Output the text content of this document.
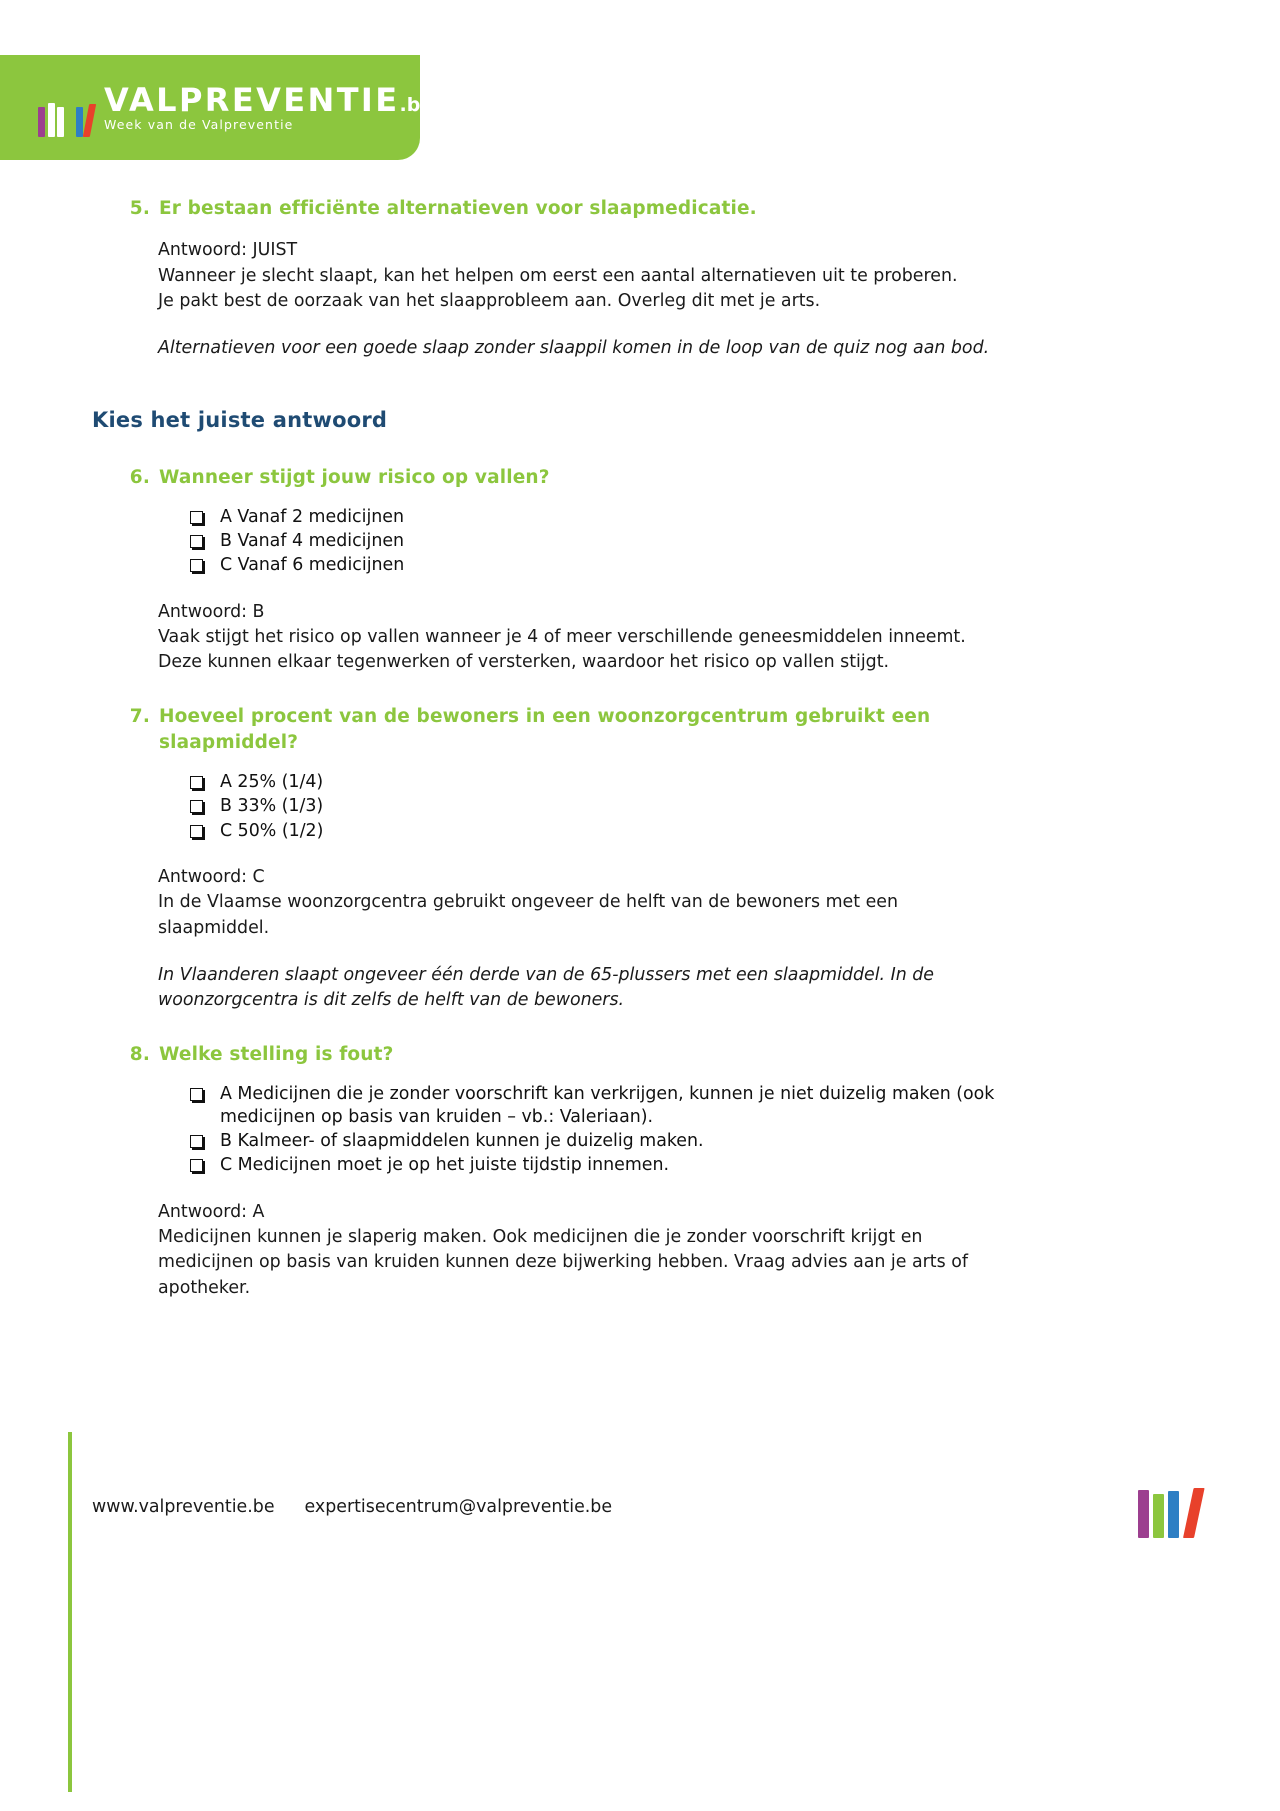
VALPREVENTIE.be Week van de Valpreventie
5. Er bestaan efficiënte alternatieven voor slaapmedicatie.
Antwoord: JUIST
Wanneer je slecht slaapt, kan het helpen om eerst een aantal alternatieven uit te proberen.
Je pakt best de oorzaak van het slaapprobleem aan. Overleg dit met je arts.
Alternatieven voor een goede slaap zonder slaappil komen in de loop van de quiz nog aan bod.
Kies het juiste antwoord
6. Wanneer stijgt jouw risico op vallen?
A Vanaf 2 medicijnen
B Vanaf 4 medicijnen
C Vanaf 6 medicijnen
Antwoord: B
Vaak stijgt het risico op vallen wanneer je 4 of meer verschillende geneesmiddelen inneemt.
Deze kunnen elkaar tegenwerken of versterken, waardoor het risico op vallen stijgt.
7. Hoeveel procent van de bewoners in een woonzorgcentrum gebruikt een slaapmiddel?
A 25% (1/4)
B 33% (1/3)
C 50% (1/2)
Antwoord: C
In de Vlaamse woonzorgcentra gebruikt ongeveer de helft van de bewoners met een slaapmiddel.
In Vlaanderen slaapt ongeveer één derde van de 65-plussers met een slaapmiddel. In de woonzorgcentra is dit zelfs de helft van de bewoners.
8. Welke stelling is fout?
A Medicijnen die je zonder voorschrift kan verkrijgen, kunnen je niet duizelig maken (ook medicijnen op basis van kruiden – vb.: Valeriaan).
B Kalmeer- of slaapmiddelen kunnen je duizelig maken.
C Medicijnen moet je op het juiste tijdstip innemen.
Antwoord: A
Medicijnen kunnen je slaperig maken. Ook medicijnen die je zonder voorschrift krijgt en medicijnen op basis van kruiden kunnen deze bijwerking hebben. Vraag advies aan je arts of apotheker.
www.valpreventie.be expertisecentrum@valpreventie.be
